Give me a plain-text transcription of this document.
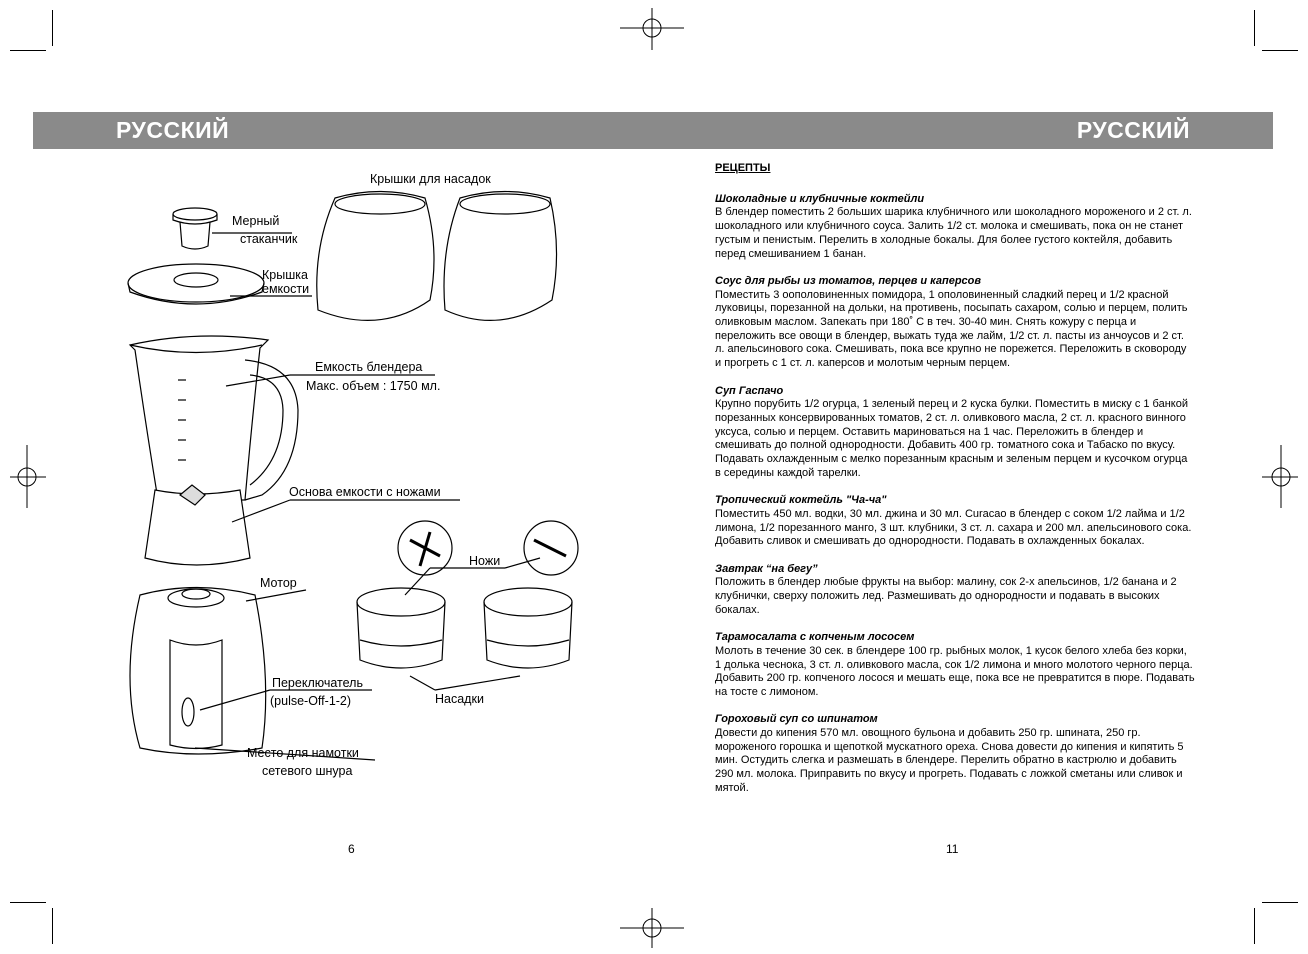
РУССКИЙ	РУССКИЙ
Крышки для насадок
Мерный
стаканчик
Крышка
емкости
Емкость блендера
Макс. объем : 1750 мл.
Основа емкости с ножами
Ножи
Мотор
Переключатель
(pulse-Off-1-2)	Насадки
Место для намотки
сетевого шнура
6	11
РЕЦЕПТЫ
Шоколадные и клубничные коктейли

В блендер поместить 2 больших шарика клубничного или шоколадного мороженого и 2 ст. л. шоколадного или клубничного соуса. Залить 1/2 ст. молока и смешивать, пока он не станет густым и пенистым. Перелить в холодные бокалы. Для более густого коктейля, добавить перед смешиванием 1 банан.

Соус для рыбы из томатов, перцев и каперсов

Поместить 3 оополовиненных помидора, 1 ополовиненный сладкий перец и 1/2 красной луковицы, порезанной на дольки, на противень, посыпать сахаром, солью и перцем, полить оливковым маслом. Запекать при 180˚ С в теч. 30-40 мин. Снять кожуру с перца и переложить все овощи в блендер, выжать туда же лайм, 1/2 ст. л. пасты из анчоусов и 2 ст. л. апельсинового сока. Смешивать, пока все крупно не порежется. Переложить в сковороду и прогреть с 1 ст. л. каперсов и молотым черным перцем.

Суп Гаспачо

Крупно порубить 1/2 огурца, 1 зеленый перец и 2 куска булки. Поместить в миску с 1 банкой порезанных консервированных томатов, 2 ст. л. оливкового масла, 2 ст. л. красного винного уксуса, солью и перцем. Оставить мариноваться на 1 час. Переложить в блендер и смешивать до полной однородности. Добавить 400 гр. томатного сока и Табаско по вкусу. Подавать охлажденным с мелко порезанным красным и зеленым перцем и кусочком огурца в середины каждой тарелки.

Тропический коктейль "Ча-ча"

Поместить 450 мл. водки, 30 мл. джина и 30 мл. Curacao в блендер с соком 1/2 лайма и 1/2 лимона, 1/2 порезанного манго, 3 шт. клубники, 3 ст. л. сахара и 200 мл. апельсинового сока. Добавить сливок и смешивать до однородности. Подавать в охлажденных бокалах.

Завтрак “на бегу”

Положить в блендер любые фрукты на выбор: малину, сок 2-х апельсинов, 1/2 банана и 2 клубнички, сверху положить лед. Размешивать до однородности и подавать в высоких бокалах.

Тарамосалата с копченым лососем

Молоть в течение 30 сек. в блендере 100 гр. рыбных молок, 1 кусок белого хлеба без корки, 1 долька чеснока, 3 ст. л. оливкового масла, сок 1/2 лимона и много молотого черного перца. Добавить 200 гр. копченого лосося и мешать еще, пока все не превратится в пюре. Подавать на тосте с лимоном.

Гороховый суп со шпинатом

Довести до кипения 570 мл. овощного бульона и добавить 250 гр. шпината, 250 гр. мороженого горошка и щепоткой мускатного ореха. Снова довести до кипения и кипятить 5 мин. Остудить слегка и размешать в блендере. Перелить обратно в кастрюлю и добавить 290 мл. молока. Приправить по вкусу и прогреть. Подавать с ложкой сметаны или сливок и мятой.
